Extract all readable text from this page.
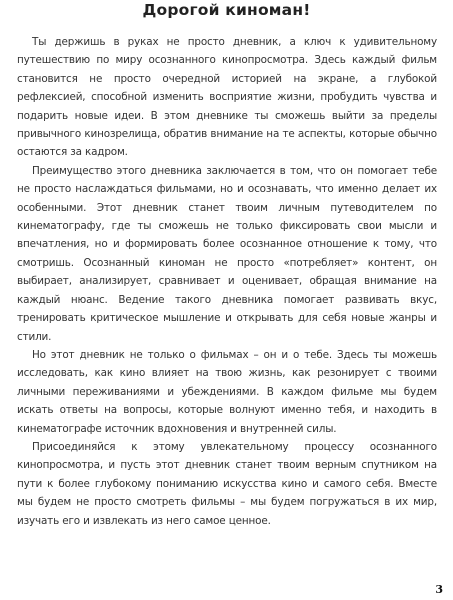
Дорогой киноман!

Ты держишь в руках не просто дневник, а ключ к удивительному путешествию по миру осознанного кинопросмотра. Здесь каждый фильм становится не просто очередной историей на экране, а глубокой рефлексией, способной изменить восприятие жизни, пробудить чувства и подарить новые идеи. В этом дневнике ты сможешь выйти за пределы привычного кинозрелища, обратив внимание на те аспекты, которые обычно остаются за кадром.

Преимущество этого дневника заключается в том, что он помогает тебе не просто наслаждаться фильмами, но и осознавать, что именно делает их особенными. Этот дневник станет твоим личным путеводителем по кинематографу, где ты сможешь не только фиксировать свои мысли и впечатления, но и формировать более осознанное отношение к тому, что смотришь. Осознанный киноман не просто «потребляет» контент, он выбирает, анализирует, сравнивает и оценивает, обращая внимание на каждый нюанс. Ведение такого дневника помогает развивать вкус, тренировать критическое мышление и открывать для себя новые жанры и стили.

Но этот дневник не только о фильмах – он и о тебе. Здесь ты можешь исследовать, как кино влияет на твою жизнь, как резонирует с твоими личными переживаниями и убеждениями. В каждом фильме мы будем искать ответы на вопросы, которые волнуют именно тебя, и находить в кинематографе источник вдохновения и внутренней силы.

Присоединяйся к этому увлекательному процессу осознанного кинопросмотра, и пусть этот дневник станет твоим верным спутником на пути к более глубокому пониманию искусства кино и самого себя. Вместе мы будем не просто смотреть фильмы – мы будем погружаться в их мир, изучать его и извлекать из него самое ценное.

3
